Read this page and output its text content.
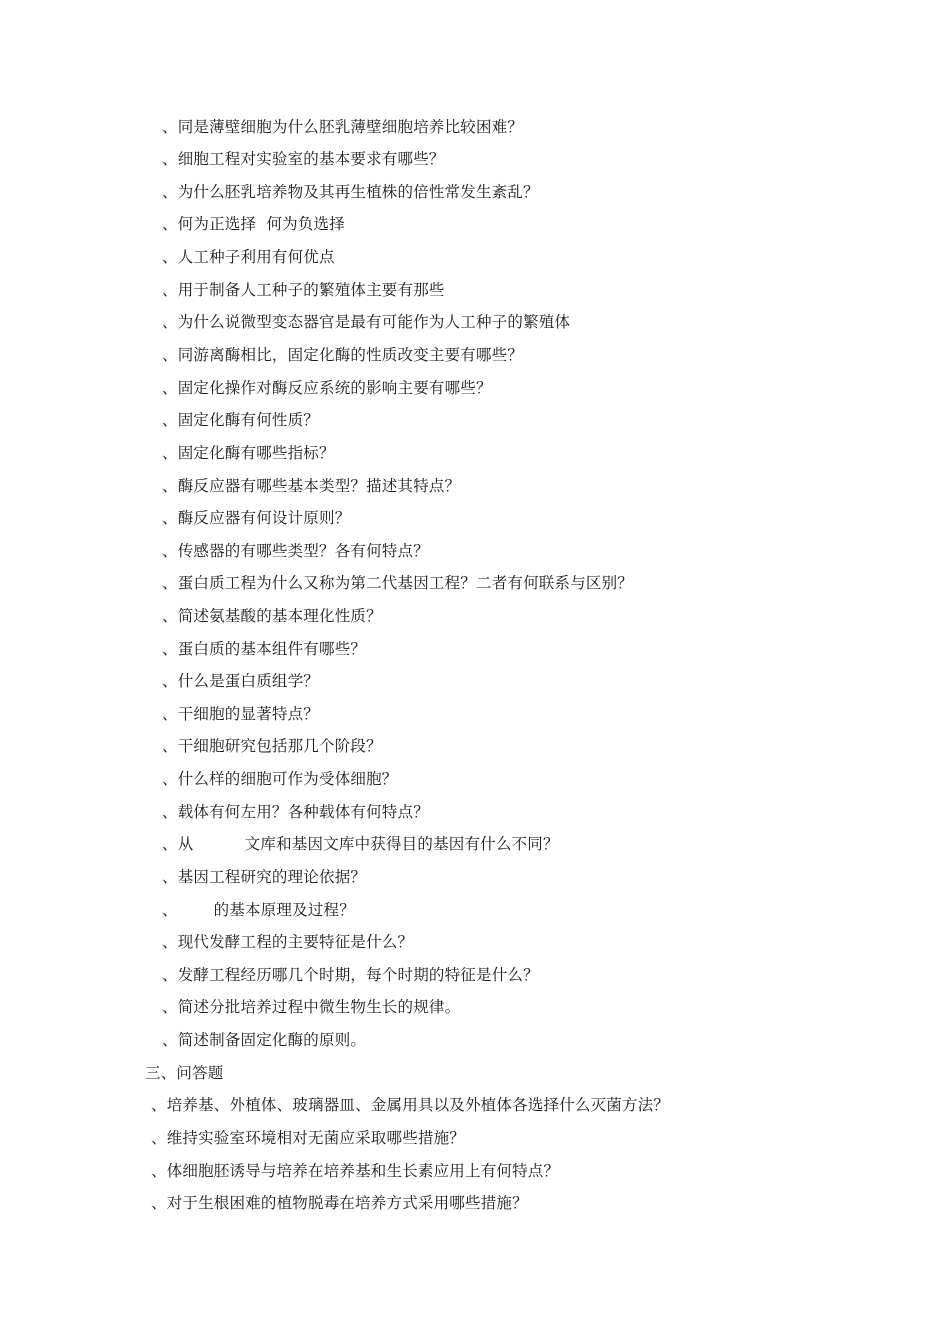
、同是薄壁细胞为什么胚乳薄壁细胞培养比较困难？
、细胞工程对实验室的基本要求有哪些？
、为什么胚乳培养物及其再生植株的倍性常发生紊乱？
、何为正选择  何为负选择
、人工种子利用有何优点
、用于制备人工种子的繁殖体主要有那些
、为什么说微型变态器官是最有可能作为人工种子的繁殖体
、同游离酶相比，固定化酶的性质改变主要有哪些？
、固定化操作对酶反应系统的影响主要有哪些？
、固定化酶有何性质？
、固定化酶有哪些指标？
、酶反应器有哪些基本类型？描述其特点？
、酶反应器有何设计原则？
、传感器的有哪些类型？各有何特点？
、蛋白质工程为什么又称为第二代基因工程？二者有何联系与区别？
、简述氨基酸的基本理化性质？
、蛋白质的基本组件有哪些？
、什么是蛋白质组学？
、干细胞的显著特点？
、干细胞研究包括那几个阶段？
、什么样的细胞可作为受体细胞？
、载体有何左用？各种载体有何特点？
、从          文库和基因文库中获得目的基因有什么不同？
、基因工程研究的理论依据？
、       的基本原理及过程？
、现代发酵工程的主要特征是什么？
、发酵工程经历哪几个时期，每个时期的特征是什么？
、简述分批培养过程中微生物生长的规律。
、简述制备固定化酶的原则。
三、问答题
、培养基、外植体、玻璃器皿、金属用具以及外植体各选择什么灭菌方法？
、维持实验室环境相对无菌应采取哪些措施？
、体细胞胚诱导与培养在培养基和生长素应用上有何特点？
、对于生根困难的植物脱毒在培养方式采用哪些措施？
